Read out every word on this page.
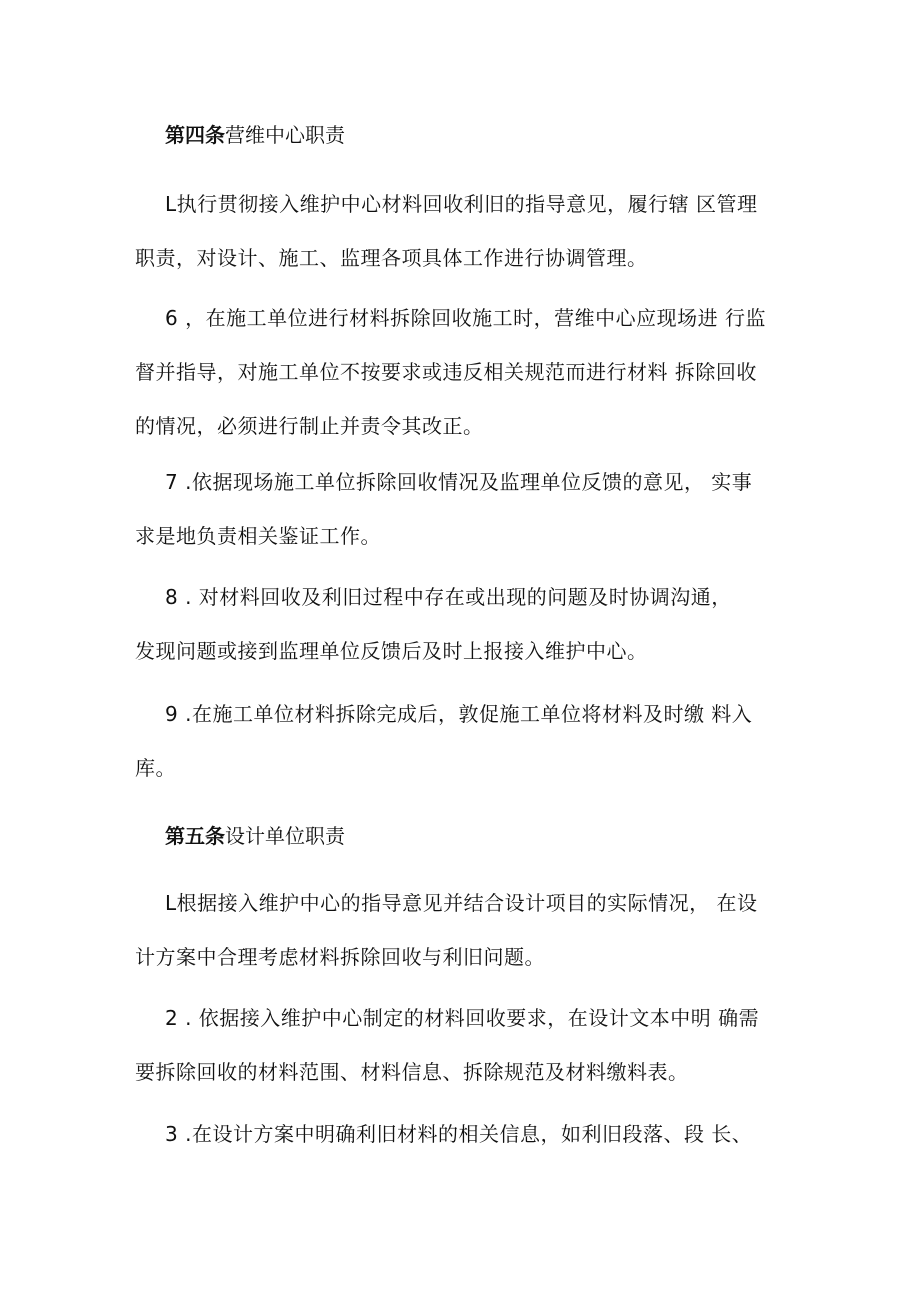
第四条营维中心职责
L执行贯彻接入维护中心材料回收利旧的指导意见，履行辖 区管理
职责，对设计、施工、监理各项具体工作进行协调管理。
6 ，在施工单位进行材料拆除回收施工时，营维中心应现场进 行监
督并指导，对施工单位不按要求或违反相关规范而进行材料 拆除回收
的情况，必须进行制止并责令其改正。
7 .依据现场施工单位拆除回收情况及监理单位反馈的意见， 实事
求是地负责相关鉴证工作。
8 . 对材料回收及利旧过程中存在或出现的问题及时协调沟通，
发现问题或接到监理单位反馈后及时上报接入维护中心。
9 .在施工单位材料拆除完成后，敦促施工单位将材料及时缴 料入
库。
第五条设计单位职责
L根据接入维护中心的指导意见并结合设计项目的实际情况， 在设
计方案中合理考虑材料拆除回收与利旧问题。
2 . 依据接入维护中心制定的材料回收要求，在设计文本中明 确需
要拆除回收的材料范围、材料信息、拆除规范及材料缴料表。
3 .在设计方案中明确利旧材料的相关信息，如利旧段落、段 长、
